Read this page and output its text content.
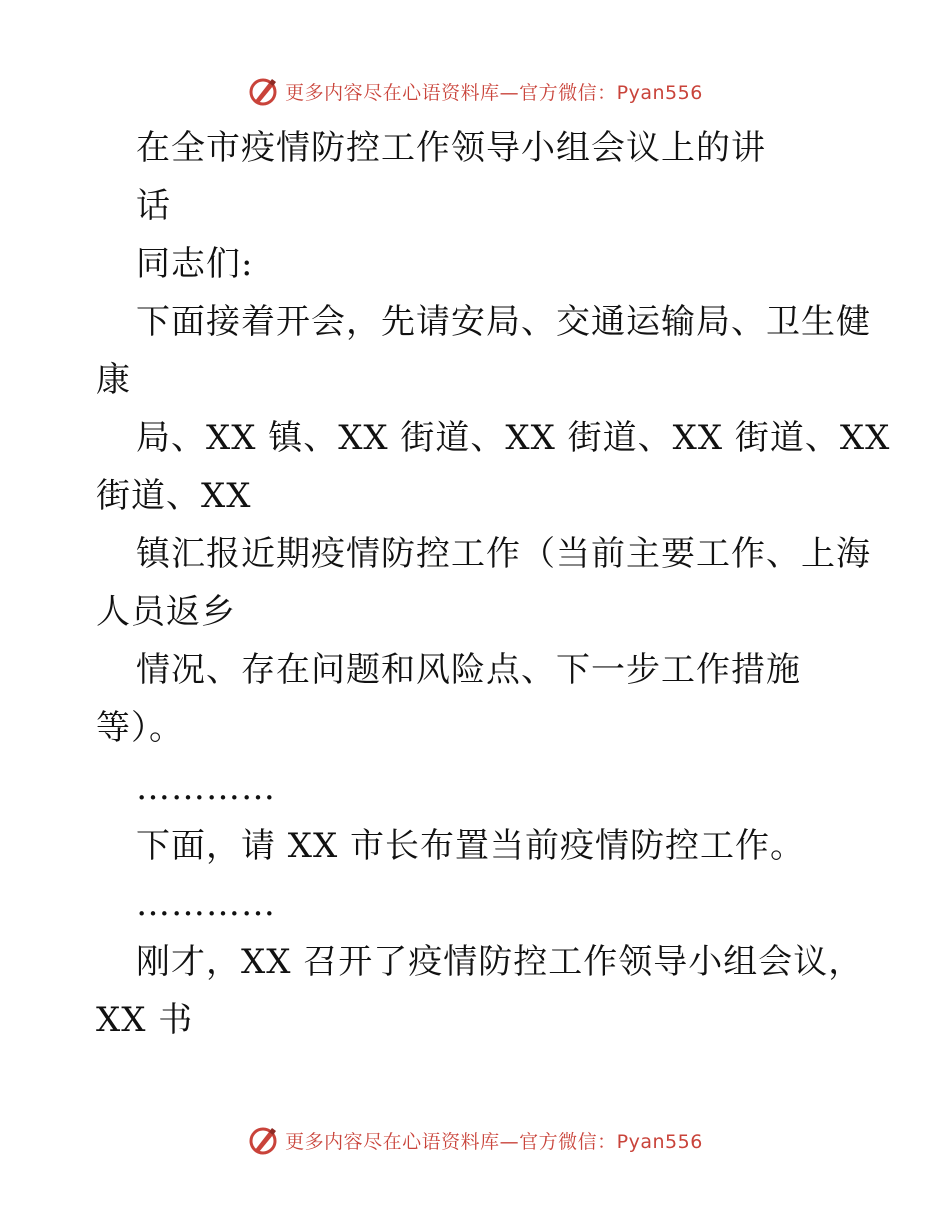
更多内容尽在心语资料库—官方微信：Pyan556
在全市疫情防控工作领导小组会议上的讲
话
同志们:
下面接着开会，先请安局、交通运输局、卫生健
康
局、XX 镇、XX 街道、XX 街道、XX 街道、XX
街道、XX
镇汇报近期疫情防控工作（当前主要工作、上海
人员返乡
情况、存在问题和风险点、下一步工作措施
等）。
…………
下面，请 XX 市长布置当前疫情防控工作。
…………
刚才，XX 召开了疫情防控工作领导小组会议，
XX 书
更多内容尽在心语资料库—官方微信：Pyan556
